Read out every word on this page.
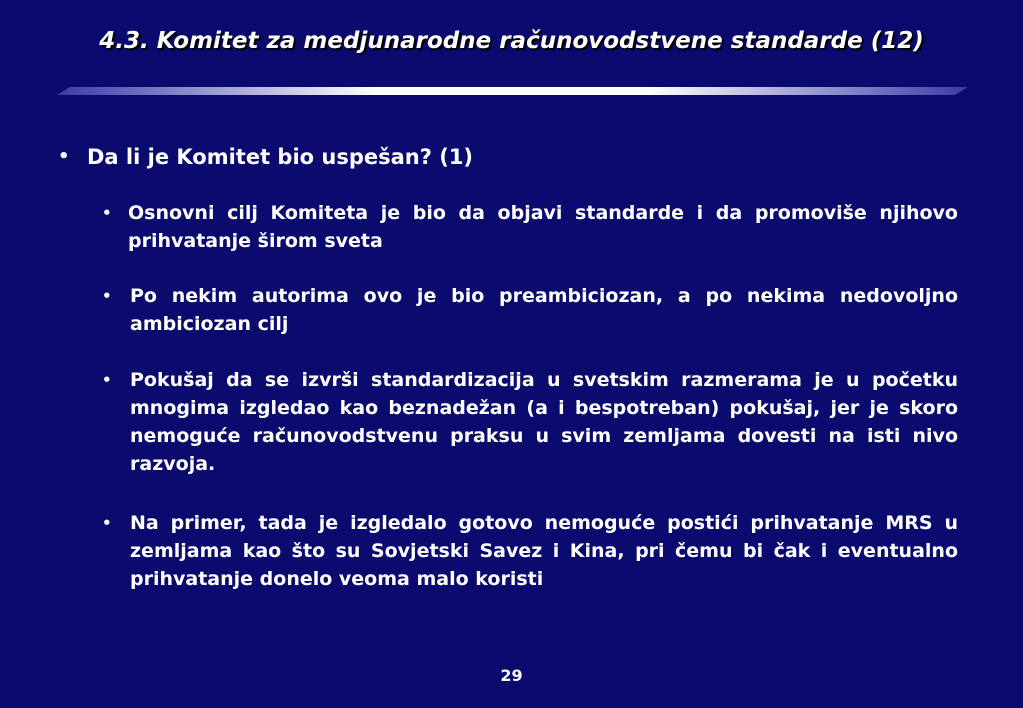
4.3. Komitet za medjunarodne računovodstvene standarde (12)
• Da li je Komitet bio uspešan? (1)
• Osnovni cilj Komiteta je bio da objavi standarde i da promoviše njihovo prihvatanje širom sveta
• Po nekim autorima ovo je bio preambiciozan, a po nekima nedovoljno ambiciozan cilj
• Pokušaj da se izvrši standardizacija u svetskim razmerama je u početku mnogima izgledao kao beznadežan (a i bespotreban) pokušaj, jer je skoro nemoguće računovodstvenu praksu u svim zemljama dovesti na isti nivo razvoja.
• Na primer, tada je izgledalo gotovo nemoguće postići prihvatanje MRS u zemljama kao što su Sovjetski Savez i Kina, pri čemu bi čak i eventualno prihvatanje donelo veoma malo koristi
29
